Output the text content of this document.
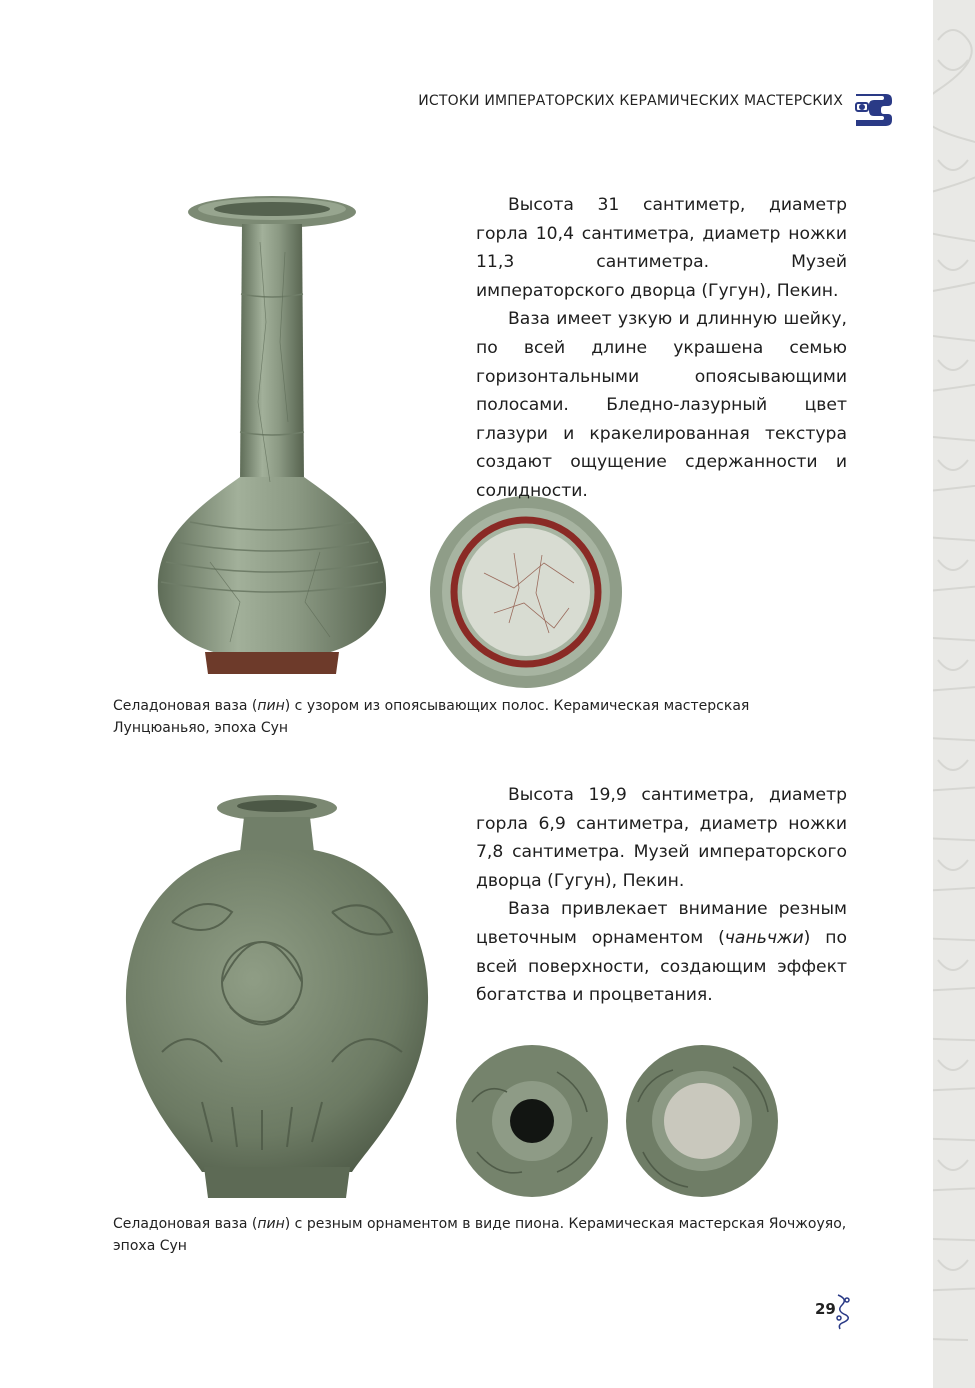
ИСТОКИ ИМПЕРАТОРСКИХ КЕРАМИЧЕСКИХ МАСТЕРСКИХ

Высота 31 сантиметр, диаметр горла 10,4 сантиметра, диаметр ножки 11,3 сантиметра. Музей императорского дворца (Гугун), Пекин.

Ваза имеет узкую и длинную шейку, по всей длине украшена семью горизонтальными опоясывающими полосами. Бледно-лазурный цвет глазури и кракелированная текстура создают ощущение сдержанности и солидности.

Селадоновая ваза (пин) с узором из опоясывающих полос. Керамическая мастерская Лунцюаньяо, эпоха Сун

Высота 19,9 сантиметра, диаметр горла 6,9 сантиметра, диаметр ножки 7,8 сантиметра. Музей императорского дворца (Гугун), Пекин.

Ваза привлекает внимание резным цветочным орнаментом (чаньчжи) по всей поверхности, создающим эффект богатства и процветания.

Селадоновая ваза (пин) с резным орнаментом в виде пиона. Керамическая мастерская Яочжоуяо, эпоха Сун
29
